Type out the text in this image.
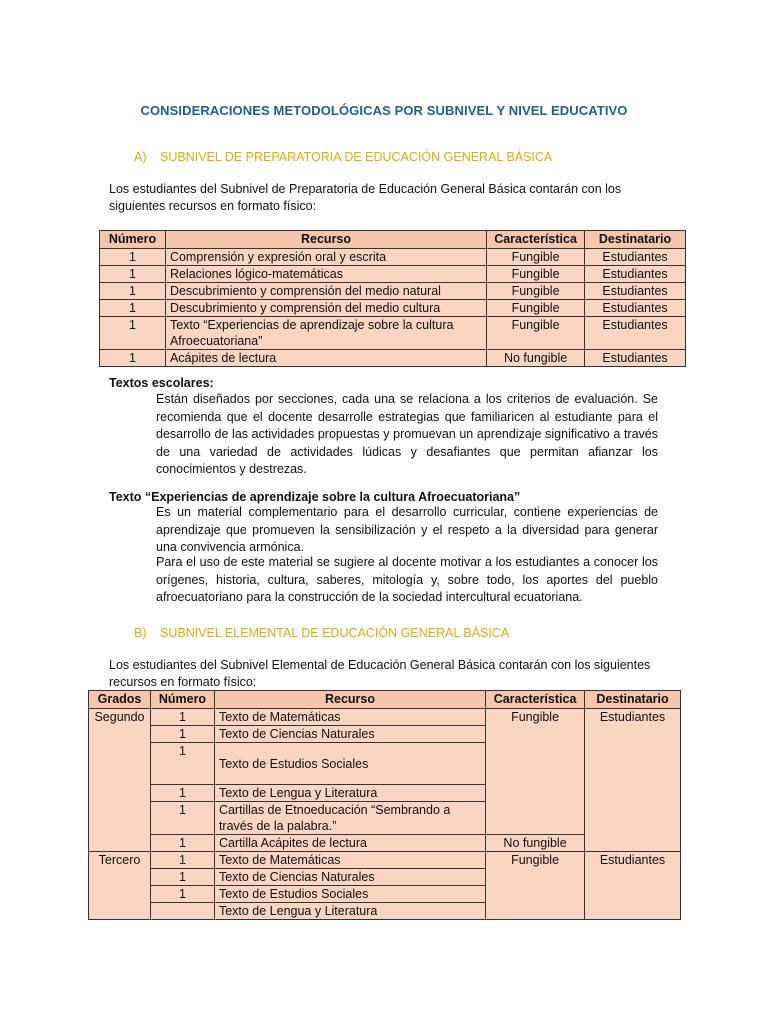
CONSIDERACIONES METODOLÓGICAS POR SUBNIVEL Y NIVEL EDUCATIVO
A) SUBNIVEL DE PREPARATORIA DE EDUCACIÓN GENERAL BÁSICA
Los estudiantes del Subnivel de Preparatoria de Educación General Básica contarán con los
siguientes recursos en formato físico:
Número	Recurso	Característica	Destinatario
1	Comprensión y expresión oral y escrita	Fungible	Estudiantes
1	Relaciones lógico-matemáticas	Fungible	Estudiantes
1	Descubrimiento y comprensión del medio natural	Fungible	Estudiantes
1	Descubrimiento y comprensión del medio cultura	Fungible	Estudiantes
1	Texto “Experiencias de aprendizaje sobre la cultura
Afroecuatoriana”	Fungible	Estudiantes
1	Acápites de lectura	No fungible	Estudiantes
Textos escolares:
Están diseñados por secciones, cada una se relaciona a los criterios de evaluación. Se recomienda que el docente desarrolle estrategias que familiaricen al estudiante para el desarrollo de las actividades propuestas y promuevan un aprendizaje significativo a través de una variedad de actividades lúdicas y desafiantes que permitan afianzar los conocimientos y destrezas.
Texto “Experiencias de aprendizaje sobre la cultura Afroecuatoriana”
Es un material complementario para el desarrollo curricular, contiene experiencias de aprendizaje que promueven la sensibilización y el respeto a la diversidad para generar una convivencia armónica.
Para el uso de este material se sugiere al docente motivar a los estudiantes a conocer los orígenes, historia, cultura, saberes, mitología y, sobre todo, los aportes del pueblo afroecuatoriano para la construcción de la sociedad intercultural ecuatoriana.
B) SUBNIVEL ELEMENTAL DE EDUCACIÓN GENERAL BÁSICA
Los estudiantes del Subnivel Elemental de Educación General Básica contarán con los siguientes
recursos en formato físico:
Grados	Número	Recurso	Característica	Destinatario
Segundo	1	Texto de Matemáticas	Fungible	Estudiantes
	1	Texto de Ciencias Naturales		
	1	Texto de Estudios Sociales		
	1	Texto de Lengua y Literatura		
	1	Cartillas de Etnoeducación “Sembrando a
través de la palabra.”		

	1	Cartilla Acápites de lectura	No fungible	
Tercero	1	Texto de Matemáticas	Fungible	Estudiantes
	1	Texto de Ciencias Naturales		
	1	Texto de Estudios Sociales		
		Texto de Lengua y Literatura		
